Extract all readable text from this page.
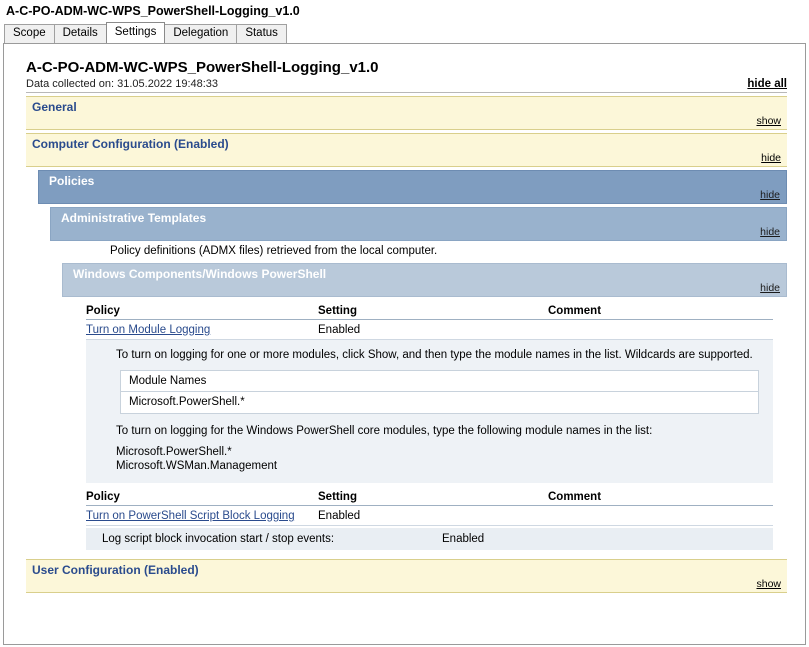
A-C-PO-ADM-WC-WPS_PowerShell-Logging_v1.0
Scope	Details	Settings	Delegation	Status
A-C-PO-ADM-WC-WPS_PowerShell-Logging_v1.0
Data collected on: 31.05.2022 19:48:33	hide all
General
show
Computer Configuration (Enabled)
hide
Policies
hide
Administrative Templates
hide
Policy definitions (ADMX files) retrieved from the local computer.
Windows Components/Windows PowerShell
hide
Policy	Setting	Comment
Turn on Module Logging	Enabled

To turn on logging for one or more modules, click Show, and then type the module names in the list. Wildcards are supported.

Module Names
Microsoft.PowerShell.*

To turn on logging for the Windows PowerShell core modules, type the following module names in the list:

Microsoft.PowerShell.*

Microsoft.WSMan.Management

Policy	Setting	Comment
Turn on PowerShell Script Block Logging	Enabled
Log script block invocation start / stop events:	Enabled
User Configuration (Enabled)
show
